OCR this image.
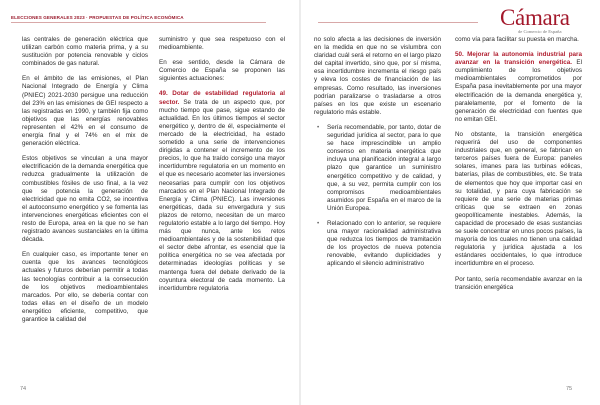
ELECCIONES GENERALES 2023 · PROPUESTAS DE POLÍTICA ECONÓMICA	Cámara
de Comercio de España

las centrales de generación eléctrica que utilizan carbón como materia prima, y a su sustitución por potencia renovable y ciclos combinados de gas natural.

En el ámbito de las emisiones, el Plan Nacional Integrado de Energía y Clima (PNIEC) 2021-2030 persigue una reducción del 23% en las emisiones de GEI respecto a las registradas en 1990, y también fija como objetivos que las energías renovables representen el 42% en el consumo de energía final y el 74% en el mix de generación eléctrica.

Estos objetivos se vinculan a una mayor electrificación de la demanda energética que reduzca gradualmente la utilización de combustibles fósiles de uso final, a la vez que se potencia la generación de electricidad que no emita CO2, se incentiva el autoconsumo energético y se fomenta las intervenciones energéticas eficientes con el resto de Europa, area en la que no se han registrado avances sustanciales en la última década.

En cualquier caso, es importante tener en cuenta que los avances tecnológicos actuales y futuros deberían permitir a todas las tecnologías contribuir a la consecución de los objetivos medioambientales marcados. Por ello, se debería contar con todas ellas en el diseño de un modelo energético eficiente, competitivo, que garantice la calidad del

suministro y que sea respetuoso con el medioambiente.

En ese sentido, desde la Cámara de Comercio de España se proponen las siguientes actuaciones:

49. Dotar de estabilidad regulatoria al sector. Se trata de un aspecto que, por mucho tiempo que pase, sigue estando de actualidad. En los últimos tiempos el sector energético y, dentro de él, especialmente el mercado de la electricidad, ha estado sometido a una serie de intervenciones dirigidas a contener el incremento de los precios, lo que ha traído consigo una mayor incertidumbre regulatoria en un momento en el que es necesario acometer las inversiones necesarias para cumplir con los objetivos marcados en el Plan Nacional Integrado de Energía y Clima (PNIEC). Las inversiones energéticas, dada su envergadura y sus plazos de retorno, necesitan de un marco regulatorio estable a lo largo del tiempo. Hoy más que nunca, ante los retos medioambientales y de la sostenibilidad que el sector debe afrontar, es esencial que la política energética no se vea afectada por determinadas ideologías políticas y se mantenga fuera del debate derivado de la coyuntura electoral de cada momento. La incertidumbre regulatoria

no solo afecta a las decisiones de inversión en la medida en que no se vislumbra con claridad cuál será el retorno en el largo plazo del capital invertido, sino que, por sí misma, esa incertidumbre incrementa el riesgo país y eleva los costes de financiación de las empresas. Como resultado, las inversiones podrían paralizarse o trasladarse a otros países en los que existe un escenario regulatorio más estable.

• Sería recomendable, por tanto, dotar de seguridad jurídica al sector, para lo que se hace imprescindible un amplio consenso en materia energética que incluya una planificación integral a largo plazo que garantice un suministro energético competitivo y de calidad, y que, a su vez, permita cumplir con los compromisos medioambientales asumidos por España en el marco de la Unión Europea.
• Relacionado con lo anterior, se requiere una mayor racionalidad administrativa que reduzca los tiempos de tramitación de los proyectos de nueva potencia renovable, evitando duplicidades y aplicando el silencio administrativo

como vía para facilitar su puesta en marcha.

50. Mejorar la autonomía industrial para avanzar en la transición energética. El cumplimiento de los objetivos medioambientales comprometidos por España pasa inevitablemente por una mayor electrificación de la demanda energética y, paralelamente, por el fomento de la generación de electricidad con fuentes que no emitan GEI.

No obstante, la transición energética requerirá del uso de componentes industriales que, en general, se fabrican en terceros países fuera de Europa: paneles solares, imanes para las turbinas eólicas, baterías, pilas de combustibles, etc. Se trata de elementos que hoy que importar casi en su totalidad, y para cuya fabricación se requiere de una serie de materias primas críticas que se extraen en zonas geopolíticamente inestables. Además, la capacidad de procesado de esas sustancias se suele concentrar en unos pocos países, la mayoría de los cuales no tienen una calidad regulatoria y jurídica ajustada a los estándares occidentales, lo que introduce incertidumbre en el proceso.

Por tanto, sería recomendable avanzar en la transición energética

74	75
